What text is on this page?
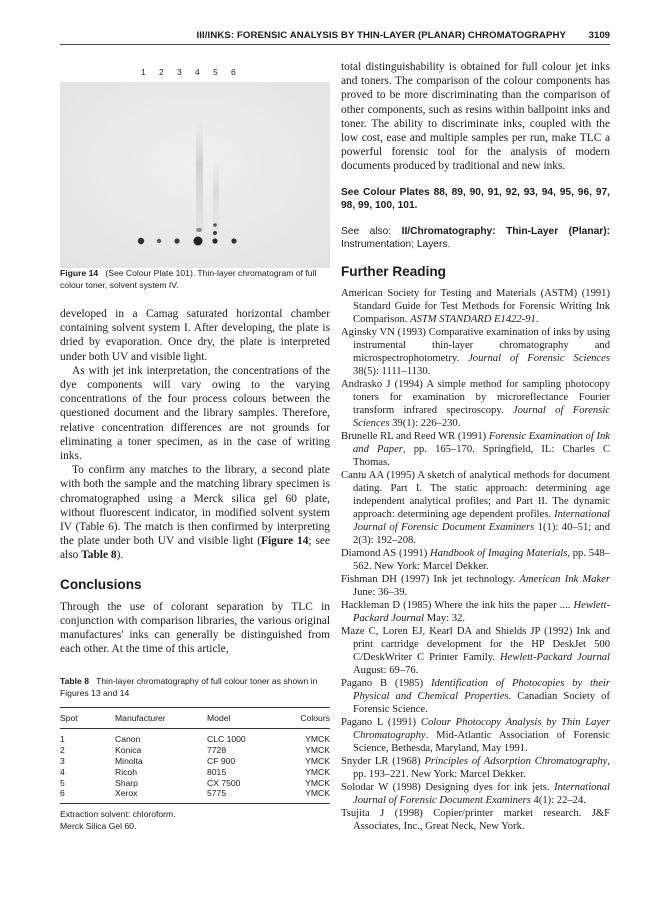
III/INKS: FORENSIC ANALYSIS BY THIN-LAYER (PLANAR) CHROMATOGRAPHY 3109
1 2 3 4 5 6
Figure 14 (See Colour Plate 101). Thin-layer chromatogram of full colour toner, solvent system IV.

developed in a Camag saturated horizontal chamber containing solvent system I. After developing, the plate is dried by evaporation. Once dry, the plate is interpreted under both UV and visible light.

As with jet ink interpretation, the concentrations of the dye components will vary owing to the varying concentrations of the four process colours between the questioned document and the library samples. Therefore, relative concentration differences are not grounds for eliminating a toner specimen, as in the case of writing inks.

To confirm any matches to the library, a second plate with both the sample and the matching library specimen is chromatographed using a Merck silica gel 60 plate, without fluorescent indicator, in modified solvent system IV (Table 6). The match is then confirmed by interpreting the plate under both UV and visible light (Figure 14; see also Table 8).

Conclusions

Through the use of colorant separation by TLC in conjunction with comparison libraries, the various original manufactures' inks can generally be distinguished from each other. At the time of this article,

Table 8 Thin-layer chromatography of full colour toner as shown in Figures 13 and 14
Spot	Manufacturer	Model	Colours
1	Canon	CLC 1000	YMCK
2	Konica	7728	YMCK
3	Minolta	CF 900	YMCK
4	Ricoh	8015	YMCK
5	Sharp	CX 7500	YMCK
6	Xerox	5775	YMCK
Extraction solvent: chloroform.
Merck Silica Gel 60.

total distinguishability is obtained for full colour jet inks and toners. The comparison of the colour components has proved to be more discriminating than the comparison of other components, such as resins within ballpoint inks and toner. The ability to discriminate inks, coupled with the low cost, ease and multiple samples per run, make TLC a powerful forensic tool for the analysis of modern documents produced by traditional and new inks.

See Colour Plates 88, 89, 90, 91, 92, 93, 94, 95, 96, 97, 98, 99, 100, 101.
See also: II/Chromatography: Thin-Layer (Planar): Instrumentation; Layers.
Further Reading

American Society for Testing and Materials (ASTM) (1991) Standard Guide for Test Methods for Forensic Writing Ink Comparison. ASTM STANDARD E1422-91.

Aginsky VN (1993) Comparative examination of inks by using instrumental thin-layer chromatography and microspectrophotometry. Journal of Forensic Sciences 38(5): 1111–1130.

Andrasko J (1994) A simple method for sampling photocopy toners for examination by microreflectance Fourier transform infrared spectroscopy. Journal of Forensic Sciences 39(1): 226–230.

Brunelle RL and Reed WR (1991) Forensic Examination of Ink and Paper, pp. 165–170. Springfield, IL: Charles C Thomas.

Cantu AA (1995) A sketch of analytical methods for document dating. Part I. The static approach: determining age independent analytical profiles; and Part II. The dynamic approach: determining age dependent profiles. International Journal of Forensic Document Examiners 1(1): 40–51; and 2(3): 192–208.

Diamond AS (1991) Handbook of Imaging Materials, pp. 548–562. New York: Marcel Dekker.

Fishman DH (1997) Ink jet technology. American Ink Maker June: 36–39.

Hackleman D (1985) Where the ink hits the paper .... Hewlett-Packard Journal May: 32.

Maze C, Loren EJ, Kearl DA and Shields JP (1992) Ink and print cartridge development for the HP DeskJet 500 C/DeskWriter C Printer Family. Hewlett-Packard Journal August: 69–76.

Pagano B (1985) Identification of Photocopies by their Physical and Chemical Properties. Canadian Society of Forensic Science.

Pagano L (1991) Colour Photocopy Analysis by Thin Layer Chromatography. Mid-Atlantic Association of Forensic Science, Bethesda, Maryland, May 1991.

Snyder LR (1968) Principles of Adsorption Chromatography, pp. 193–221. New York: Marcel Dekker.

Solodar W (1998) Designing dyes for ink jets. International Journal of Forensic Document Examiners 4(1): 22–24.

Tsujita J (1998) Copier/printer market research. J&F Associates, Inc., Great Neck, New York.
